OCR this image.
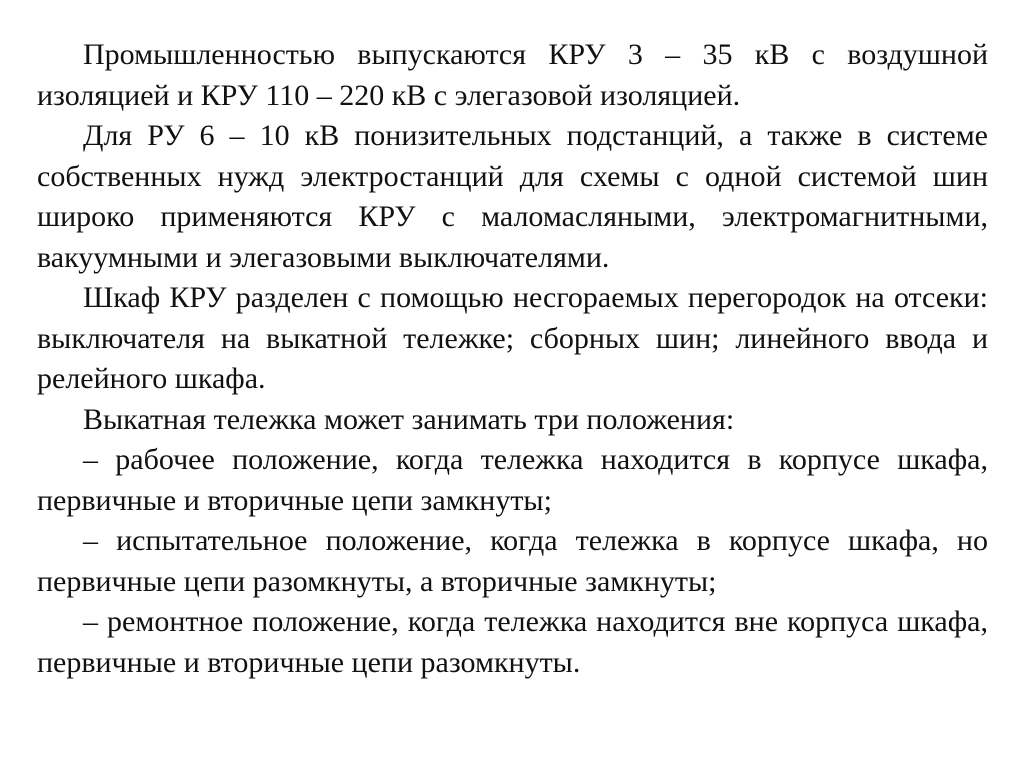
Промышленностью выпускаются КРУ 3 – 35 кВ с воздушной изоляцией и КРУ 110 – 220 кВ с элегазовой изоляцией.

Для РУ 6 – 10 кВ понизительных подстанций, а также в системе собственных нужд электростанций для схемы с одной системой шин широко применяются КРУ с маломасляными, электромагнитными, вакуумными и элегазовыми выключателями.

Шкаф КРУ разделен с помощью несгораемых перегородок на отсеки: выключателя на выкатной тележке; сборных шин; линейного ввода и релейного шкафа.

Выкатная тележка может занимать три положения:

– рабочее положение, когда тележка находится в корпусе шкафа, первичные и вторичные цепи замкнуты;

– испытательное положение, когда тележка в корпусе шкафа, но первичные цепи разомкнуты, а вторичные замкнуты;

– ремонтное положение, когда тележка находится вне корпуса шкафа, первичные и вторичные цепи разомкнуты.
